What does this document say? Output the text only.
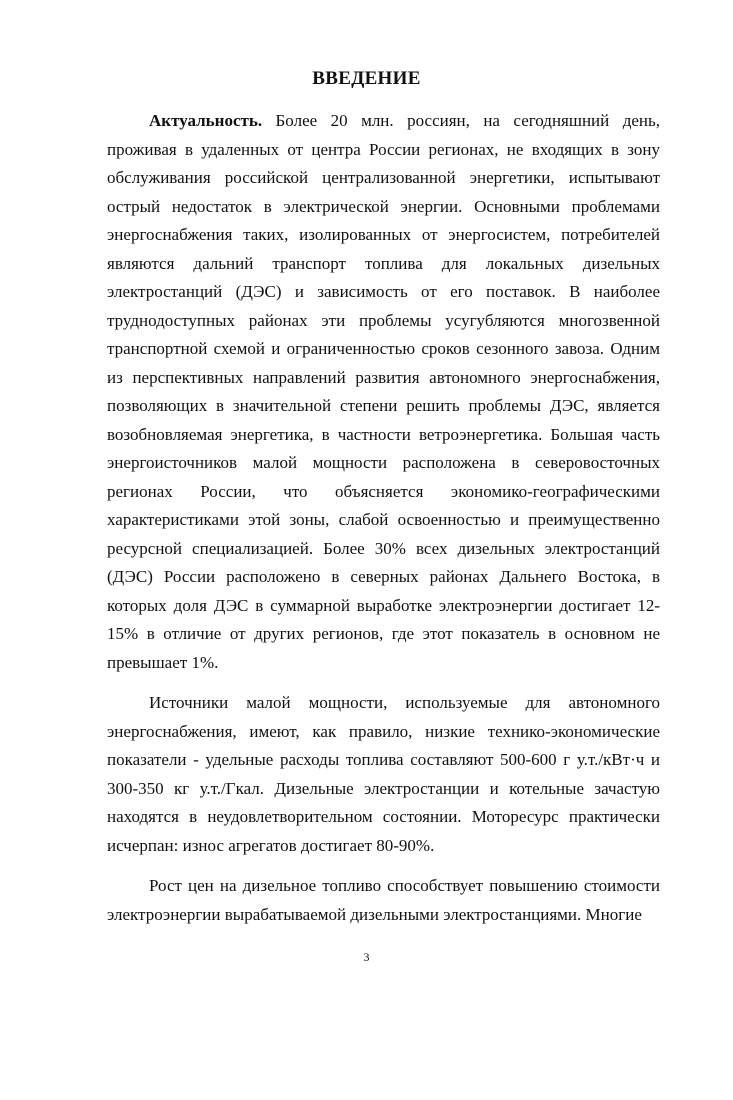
ВВЕДЕНИЕ

Актуальность. Более 20 млн. россиян, на сегодняшний день, проживая в удаленных от центра России регионах, не входящих в зону обслуживания российской централизованной энергетики, испытывают острый недостаток в электрической энергии. Основными проблемами энергоснабжения таких, изолированных от энергосистем, потребителей являются дальний транспорт топлива для локальных дизельных электростанций (ДЭС) и зависимость от его поставок. В наиболее труднодоступных районах эти проблемы усугубляются многозвенной транспортной схемой и ограниченностью сроков сезонного завоза. Одним из перспективных направлений развития автономного энергоснабжения, позволяющих в значительной степени решить проблемы ДЭС, является возобновляемая энергетика, в частности ветроэнергетика. Большая часть энергоисточников малой мощности расположена в северовосточных регионах России, что объясняется экономико-географическими характеристиками этой зоны, слабой освоенностью и преимущественно ресурсной специализацией. Более 30% всех дизельных электростанций (ДЭС) России расположено в северных районах Дальнего Востока, в которых доля ДЭС в суммарной выработке электроэнергии достигает 12-15% в отличие от других регионов, где этот показатель в основном не превышает 1%.

Источники малой мощности, используемые для автономного энергоснабжения, имеют, как правило, низкие технико-экономические показатели - удельные расходы топлива составляют 500-600 г у.т./кВт·ч и 300-350 кг у.т./Гкал. Дизельные электростанции и котельные зачастую находятся в неудовлетворительном состоянии. Моторесурс практически исчерпан: износ агрегатов достигает 80-90%.

Рост цен на дизельное топливо способствует повышению стоимости электроэнергии вырабатываемой дизельными электростанциями. Многие

3
